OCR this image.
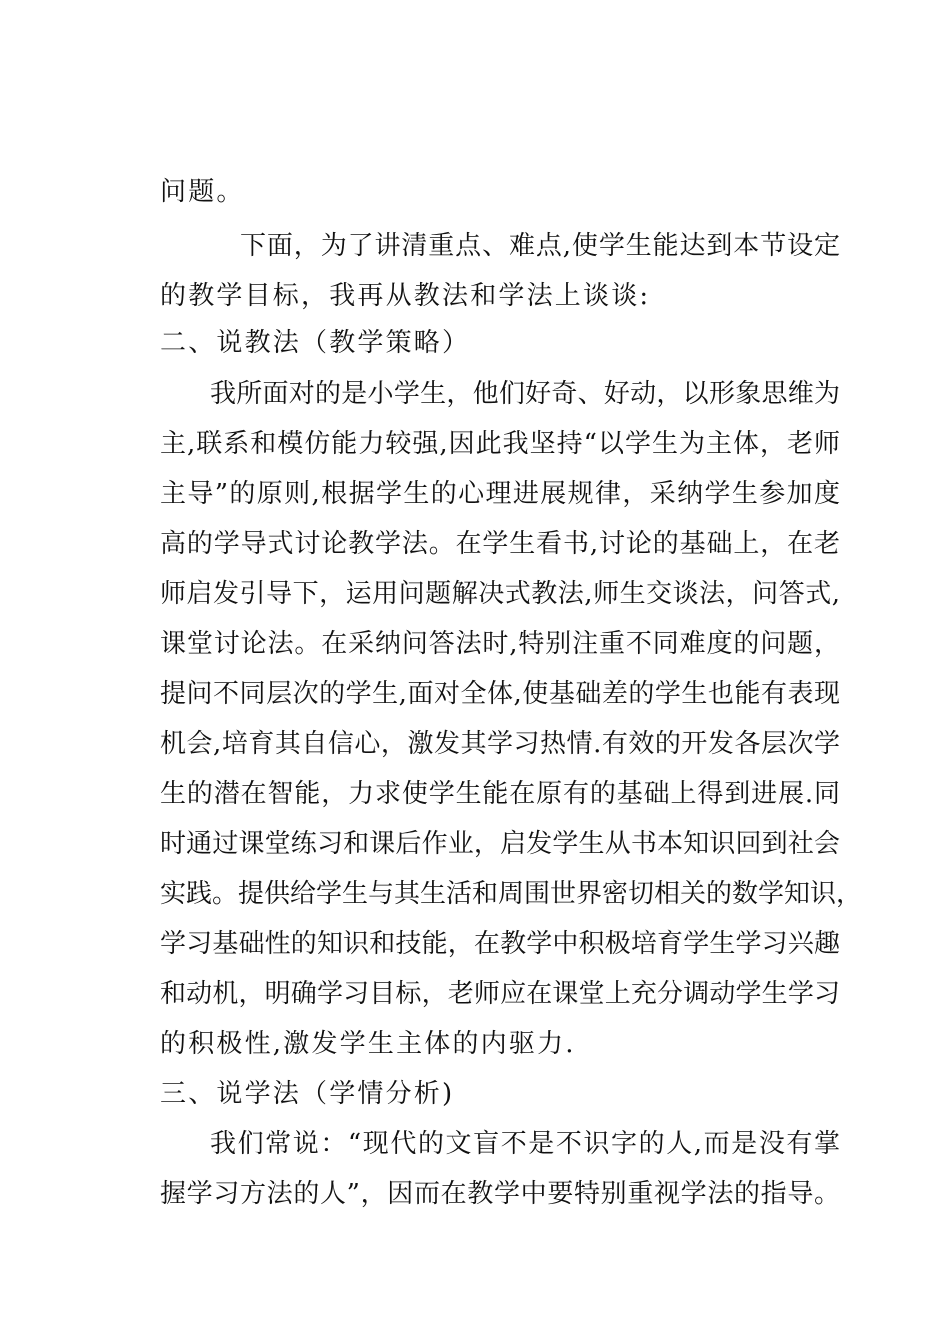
问题。
下面，为了讲清重点、难点,使学生能达到本节设定
的教学目标，我再从教法和学法上谈谈:
二、说教法（教学策略）
我所面对的是小学生，他们好奇、好动，以形象思维为
主,联系和模仿能力较强,因此我坚持“以学生为主体，老师
主导”的原则,根据学生的心理进展规律，采纳学生参加度
高的学导式讨论教学法。在学生看书,讨论的基础上，在老
师启发引导下，运用问题解决式教法,师生交谈法，问答式,
课堂讨论法。在采纳问答法时,特别注重不同难度的问题，
提问不同层次的学生,面对全体,使基础差的学生也能有表现
机会,培育其自信心，激发其学习热情.有效的开发各层次学
生的潜在智能，力求使学生能在原有的基础上得到进展.同
时通过课堂练习和课后作业，启发学生从书本知识回到社会
实践。提供给学生与其生活和周围世界密切相关的数学知识，
学习基础性的知识和技能，在教学中积极培育学生学习兴趣
和动机，明确学习目标，老师应在课堂上充分调动学生学习
的积极性,激发学生主体的内驱力.
三、说学法（学情分析)
我们常说：“现代的文盲不是不识字的人,而是没有掌
握学习方法的人”，因而在教学中要特别重视学法的指导。
